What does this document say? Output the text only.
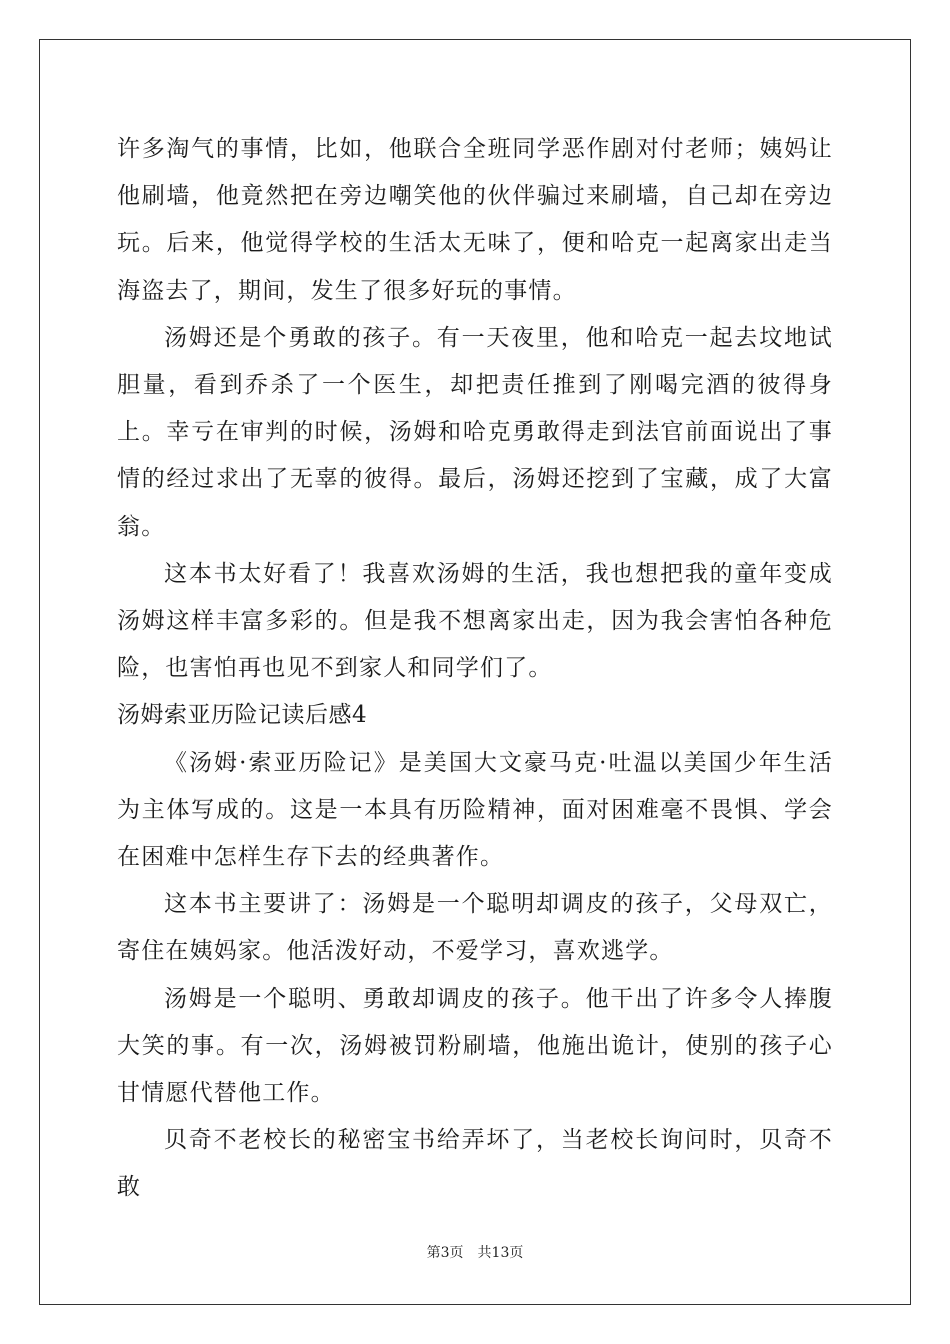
许多淘气的事情，比如，他联合全班同学恶作剧对付老师；姨妈让他刷墙，他竟然把在旁边嘲笑他的伙伴骗过来刷墙，自己却在旁边玩。后来，他觉得学校的生活太无味了，便和哈克一起离家出走当海盗去了，期间，发生了很多好玩的事情。

汤姆还是个勇敢的孩子。有一天夜里，他和哈克一起去坟地试胆量，看到乔杀了一个医生，却把责任推到了刚喝完酒的彼得身上。幸亏在审判的时候，汤姆和哈克勇敢得走到法官前面说出了事情的经过求出了无辜的彼得。最后，汤姆还挖到了宝藏，成了大富翁。

这本书太好看了！我喜欢汤姆的生活，我也想把我的童年变成汤姆这样丰富多彩的。但是我不想离家出走，因为我会害怕各种危险，也害怕再也见不到家人和同学们了。

汤姆索亚历险记读后感4

《汤姆·索亚历险记》是美国大文豪马克·吐温以美国少年生活为主体写成的。这是一本具有历险精神，面对困难毫不畏惧、学会在困难中怎样生存下去的经典著作。

这本书主要讲了：汤姆是一个聪明却调皮的孩子，父母双亡，寄住在姨妈家。他活泼好动，不爱学习，喜欢逃学。

汤姆是一个聪明、勇敢却调皮的孩子。他干出了许多令人捧腹大笑的事。有一次，汤姆被罚粉刷墙，他施出诡计，使别的孩子心甘情愿代替他工作。

贝奇不老校长的秘密宝书给弄坏了，当老校长询问时，贝奇不敢

第3页 共13页
